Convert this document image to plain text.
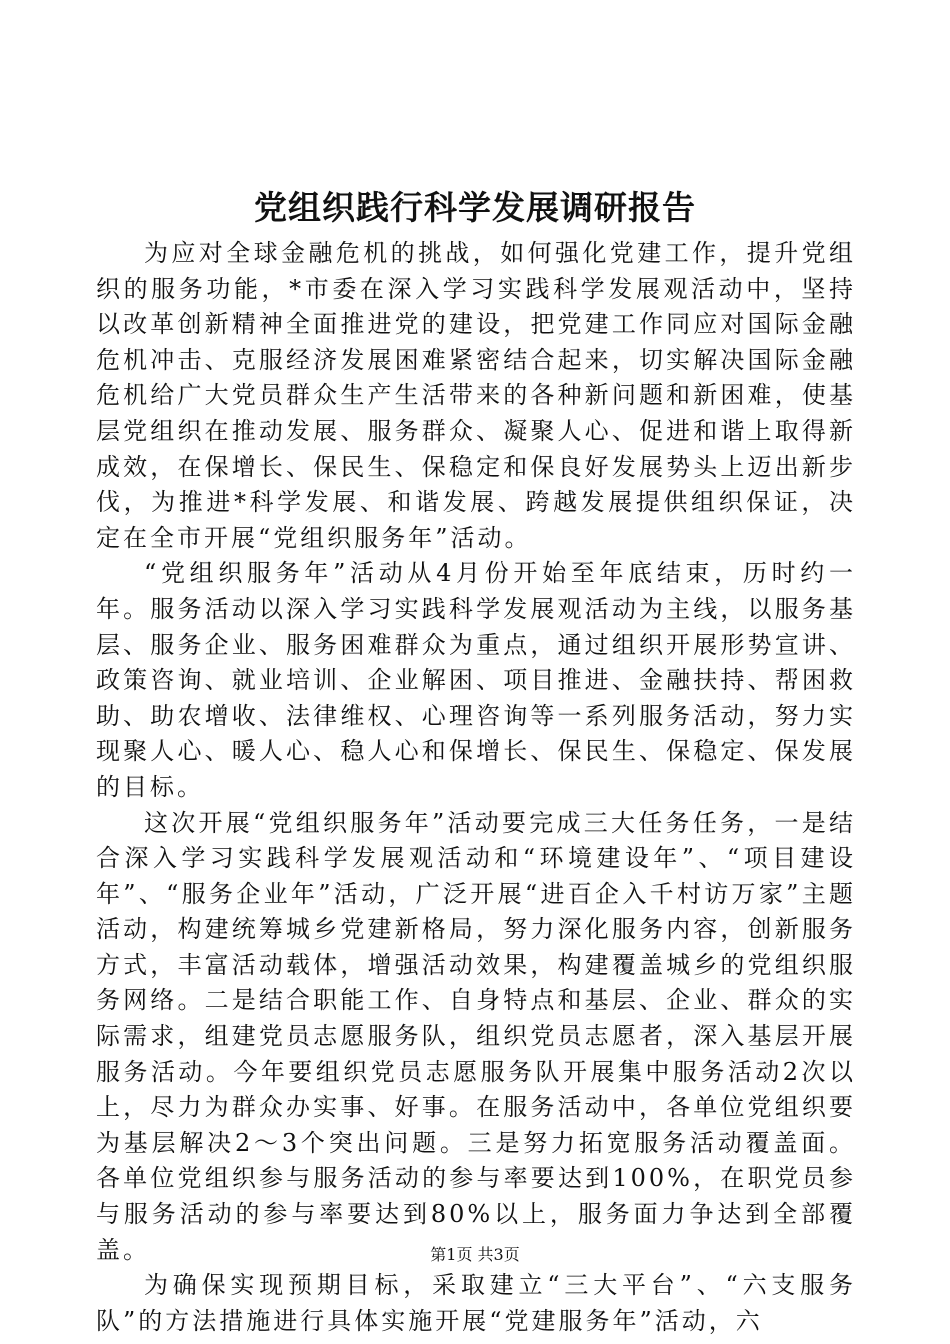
党组织践行科学发展调研报告

为应对全球金融危机的挑战，如何强化党建工作，提升党组织的服务功能，*市委在深入学习实践科学发展观活动中，坚持以改革创新精神全面推进党的建设，把党建工作同应对国际金融危机冲击、克服经济发展困难紧密结合起来，切实解决国际金融危机给广大党员群众生产生活带来的各种新问题和新困难，使基层党组织在推动发展、服务群众、凝聚人心、促进和谐上取得新成效，在保增长、保民生、保稳定和保良好发展势头上迈出新步伐，为推进*科学发展、和谐发展、跨越发展提供组织保证，决定在全市开展“党组织服务年”活动。

“党组织服务年”活动从4月份开始至年底结束，历时约一年。服务活动以深入学习实践科学发展观活动为主线，以服务基层、服务企业、服务困难群众为重点，通过组织开展形势宣讲、政策咨询、就业培训、企业解困、项目推进、金融扶持、帮困救助、助农增收、法律维权、心理咨询等一系列服务活动，努力实现聚人心、暖人心、稳人心和保增长、保民生、保稳定、保发展的目标。

这次开展“党组织服务年”活动要完成三大任务任务，一是结合深入学习实践科学发展观活动和“环境建设年”、“项目建设年”、“服务企业年”活动，广泛开展“进百企入千村访万家”主题活动，构建统筹城乡党建新格局，努力深化服务内容，创新服务方式，丰富活动载体，增强活动效果，构建覆盖城乡的党组织服务网络。二是结合职能工作、自身特点和基层、企业、群众的实际需求，组建党员志愿服务队，组织党员志愿者，深入基层开展服务活动。今年要组织党员志愿服务队开展集中服务活动2次以上，尽力为群众办实事、好事。在服务活动中，各单位党组织要为基层解决2～3个突出问题。三是努力拓宽服务活动覆盖面。各单位党组织参与服务活动的参与率要达到100%，在职党员参与服务活动的参与率要达到80%以上，服务面力争达到全部覆盖。

为确保实现预期目标，采取建立“三大平台”、“六支服务队”的方法措施进行具体实施开展“党建服务年”活动，六

第1页 共3页
